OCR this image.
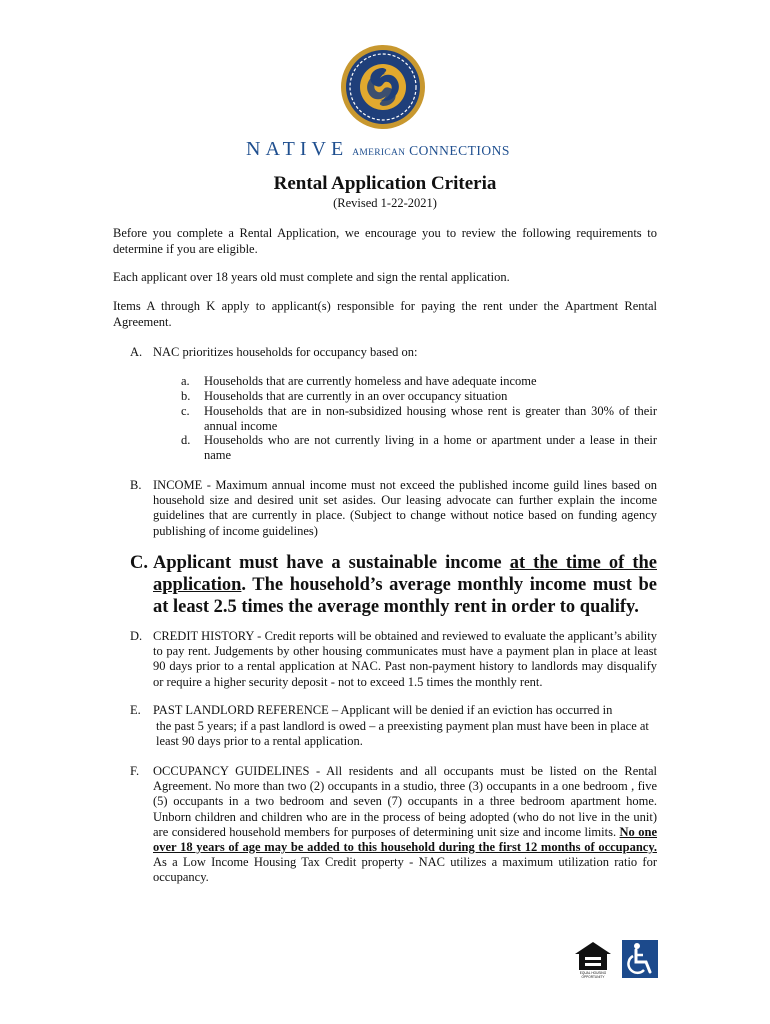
NATIVE AMERICAN CONNECTIONS
Rental Application Criteria
(Revised 1-22-2021)
Before you complete a Rental Application, we encourage you to review the following requirements to determine if you are eligible.
Each applicant over 18 years old must complete and sign the rental application.
Items A through K apply to applicant(s) responsible for paying the rent under the Apartment Rental Agreement.
A. NAC prioritizes households for occupancy based on:
a. Households that are currently homeless and have adequate income
b. Households that are currently in an over occupancy situation
c. Households that are in non-subsidized housing whose rent is greater than 30% of their annual income
d. Households who are not currently living in a home or apartment under a lease in their name
B. INCOME - Maximum annual income must not exceed the published income guild lines based on household size and desired unit set asides. Our leasing advocate can further explain the income guidelines that are currently in place. (Subject to change without notice based on funding agency publishing of income guidelines)
C. Applicant must have a sustainable income at the time of the application. The household’s average monthly income must be at least 2.5 times the average monthly rent in order to qualify.
D. CREDIT HISTORY - Credit reports will be obtained and reviewed to evaluate the applicant’s ability to pay rent. Judgements by other housing communicates must have a payment plan in place at least 90 days prior to a rental application at NAC. Past non-payment history to landlords may disqualify or require a higher security deposit - not to exceed 1.5 times the monthly rent.
E. PAST LANDLORD REFERENCE – Applicant will be denied if an eviction has occurred in
the past 5 years; if a past landlord is owed – a preexisting payment plan must have been in place at least 90 days prior to a rental application.
F. OCCUPANCY GUIDELINES - All residents and all occupants must be listed on the Rental Agreement. No more than two (2) occupants in a studio, three (3) occupants in a one bedroom , five (5) occupants in a two bedroom and seven (7) occupants in a three bedroom apartment home. Unborn children and children who are in the process of being adopted (who do not live in the unit) are considered household members for purposes of determining unit size and income limits. No one over 18 years of age may be added to this household during the first 12 months of occupancy. As a Low Income Housing Tax Credit property - NAC utilizes a maximum utilization ratio for occupancy.
EQUAL HOUSING OPPORTUNITY
